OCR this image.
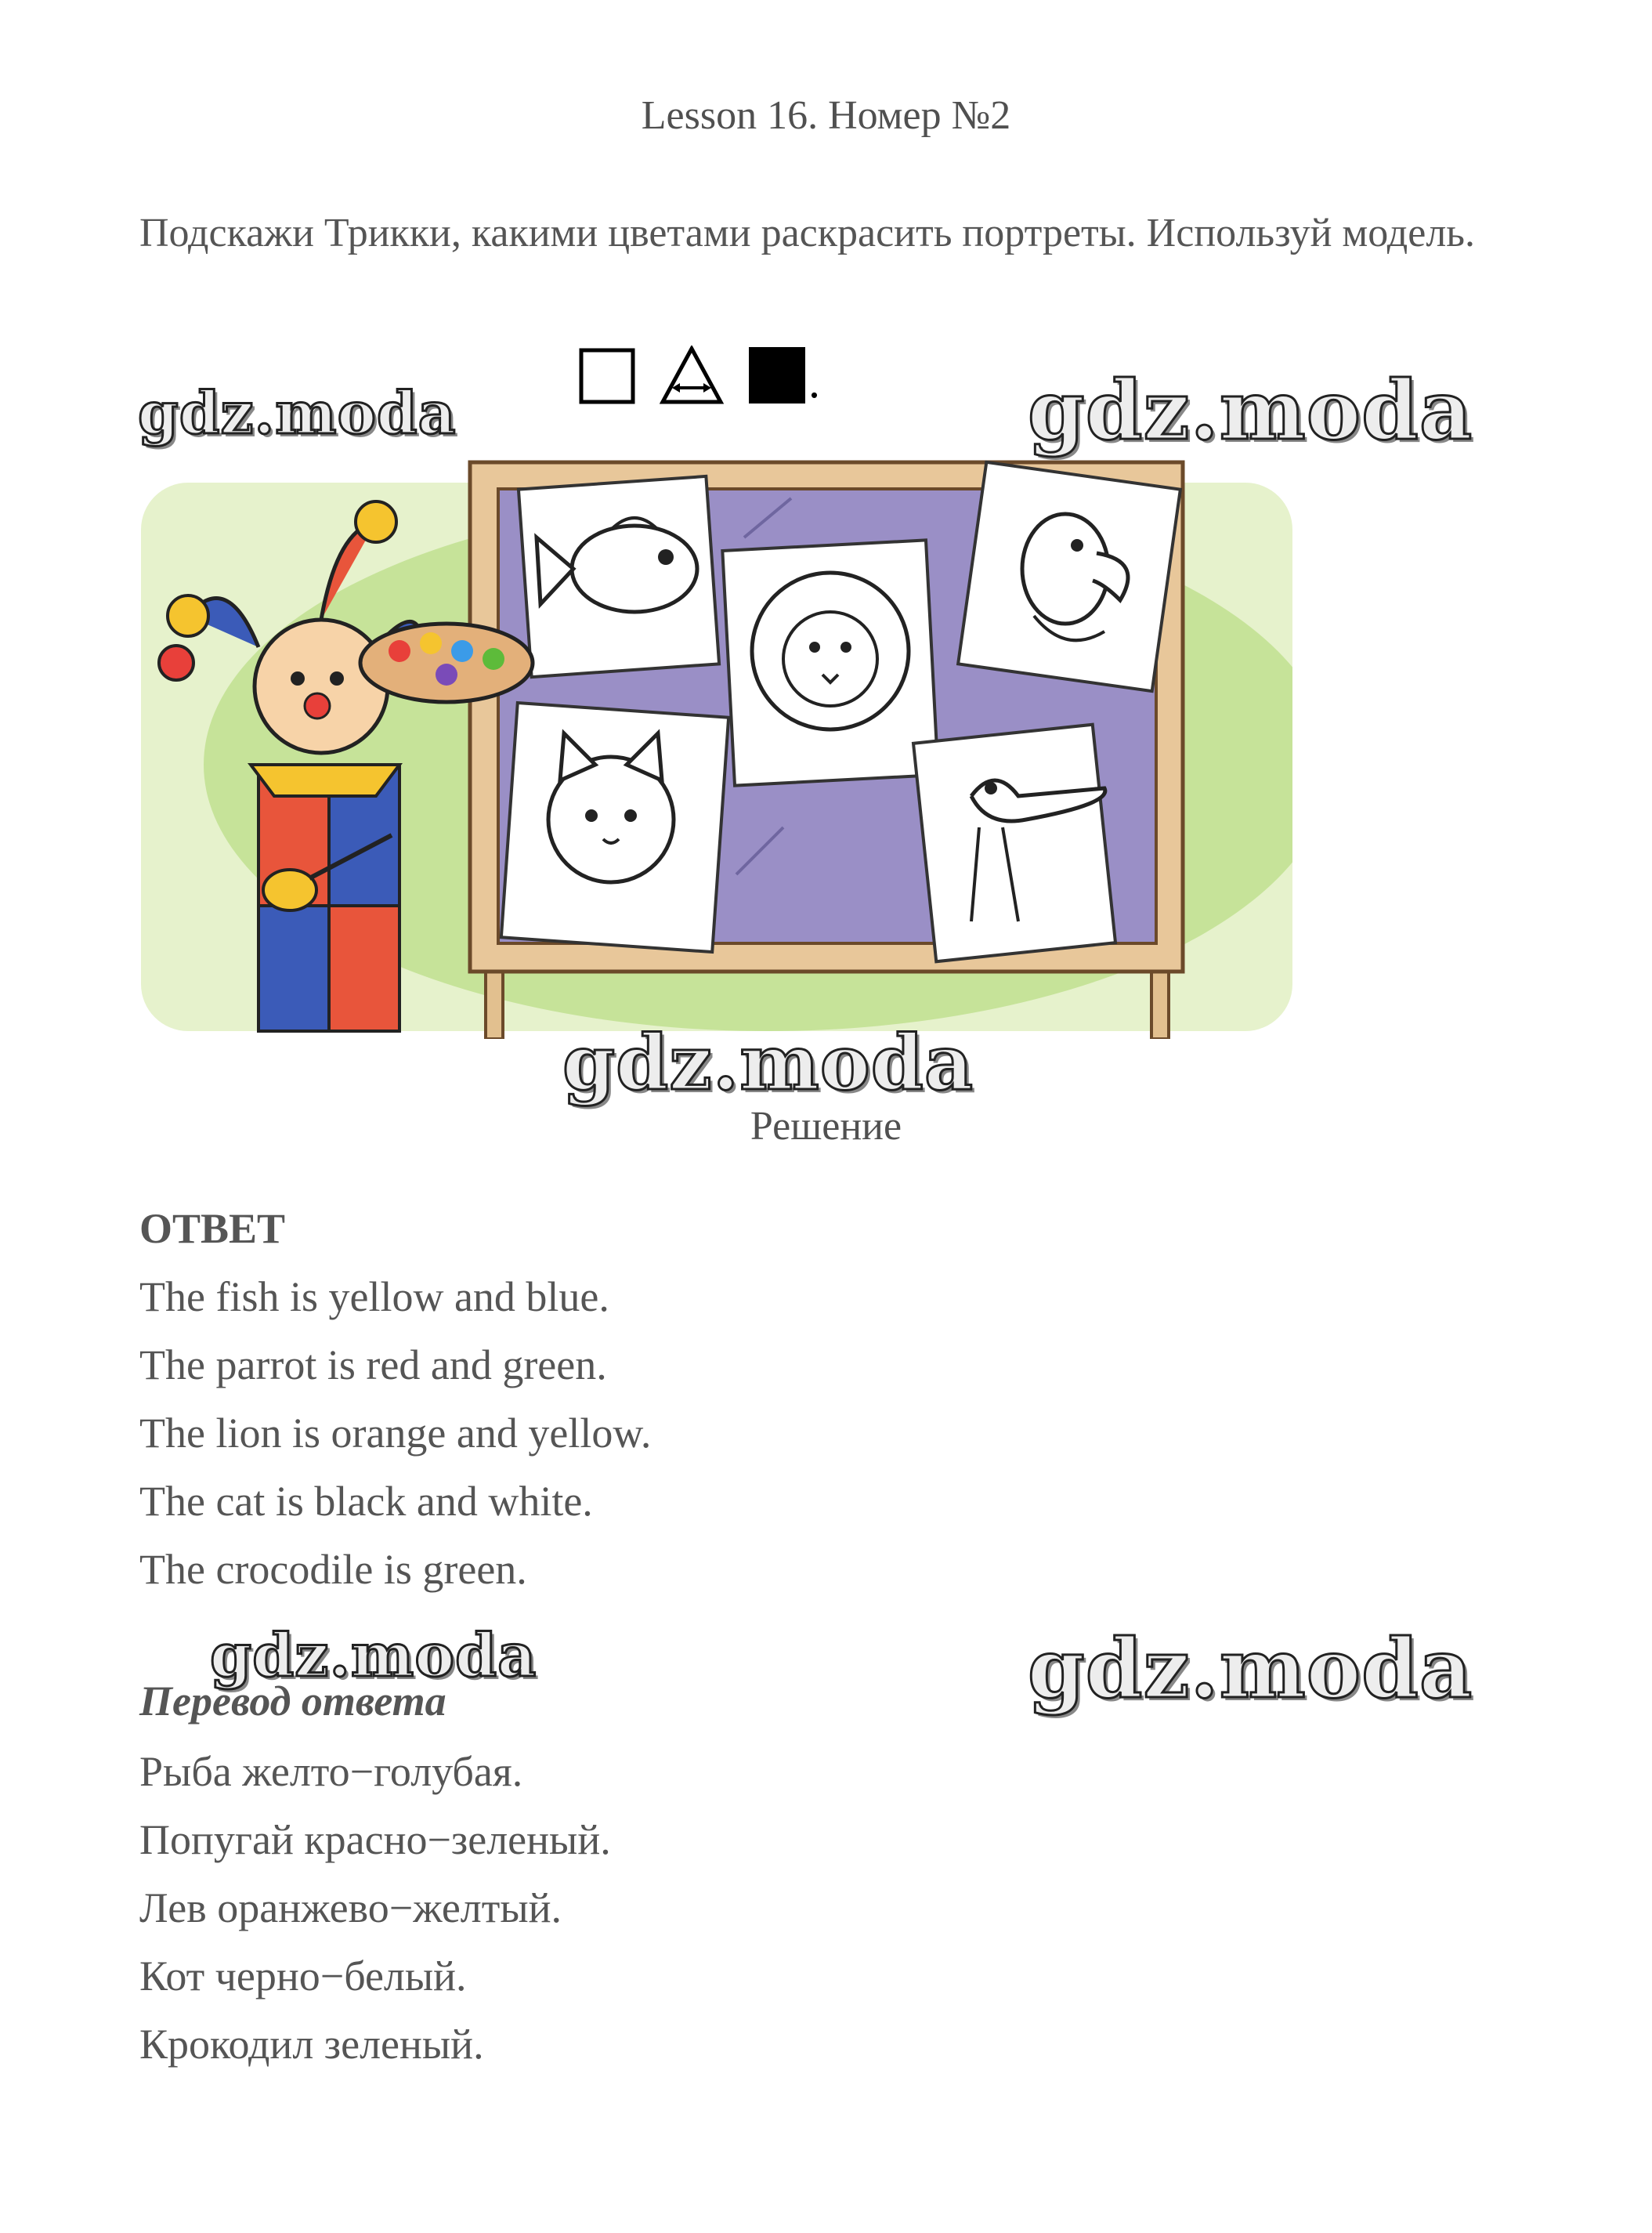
Lesson 16. Номер №2

Подскажи Трикки, какими цветами раскрасить портреты. Используй модель.

.
gdz.moda	gdz.moda
gdz.moda

Решение

ОТВЕТ

The fish is yellow and blue.
The parrot is red and green.
The lion is orange and yellow.
The cat is black and white.
The crocodile is green.
gdz.moda	gdz.moda

Перевод ответа

Рыба желто−голубая.
Попугай красно−зеленый.
Лев оранжево−желтый.
Кот черно−белый.
Крокодил зеленый.
